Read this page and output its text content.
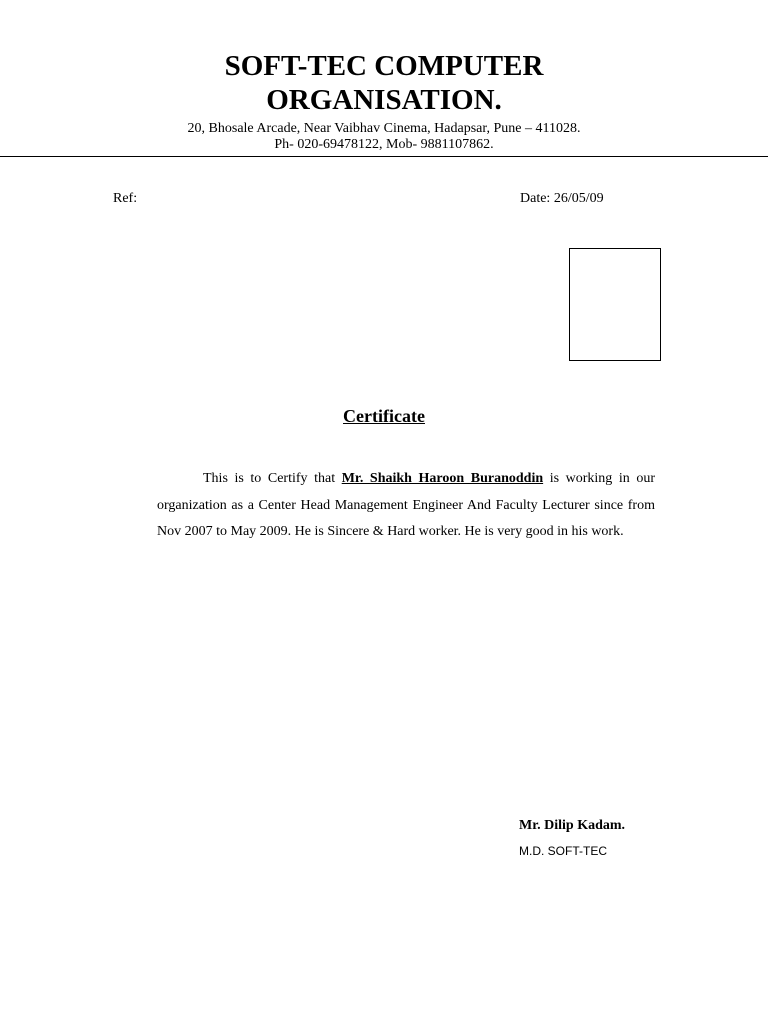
SOFT-TEC COMPUTER
ORGANISATION.
20, Bhosale Arcade, Near Vaibhav Cinema, Hadapsar, Pune – 411028.
Ph- 020-69478122, Mob- 9881107862.
Ref:	Date: 26/05/09
Certificate
This is to Certify that Mr. Shaikh Haroon Buranoddin is working in our organization as a Center Head Management Engineer And Faculty Lecturer since from Nov 2007 to May 2009. He is Sincere & Hard worker. He is very good in his work.
Mr. Dilip Kadam.
M.D. SOFT-TEC
